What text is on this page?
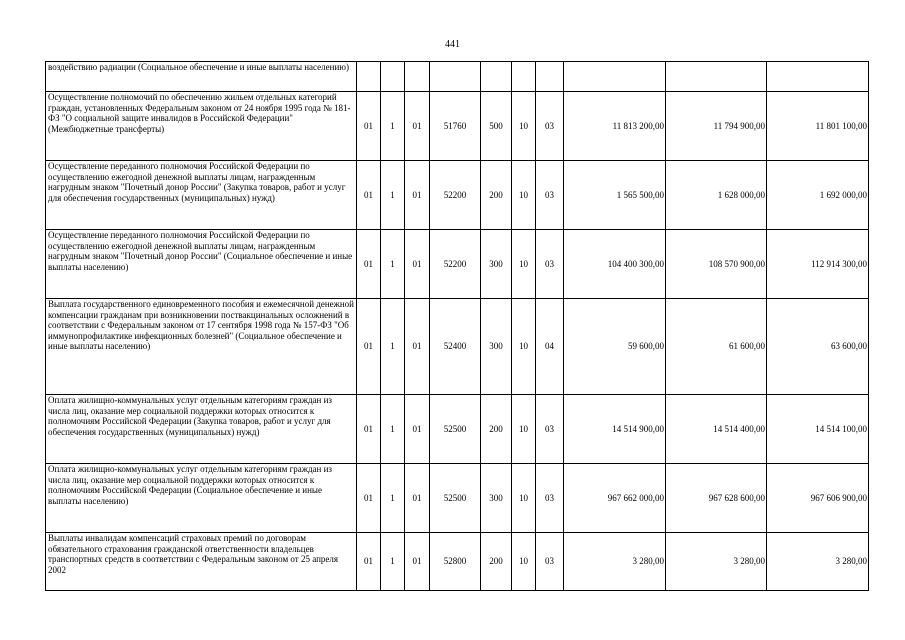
441
воздействию радиации (Социальное обеспечение и иные выплаты населению)										
Осуществление полномочий по обеспечению жильем отдельных категорий граждан, установленных Федеральным законом от 24 ноября 1995 года № 181-ФЗ "О социальной защите инвалидов в Российской Федерации" (Межбюджетные трансферты)	01	1	01	51760	500	10	03	11 813 200,00	11 794 900,00	11 801 100,00
Осуществление переданного полномочия Российской Федерации по осуществлению ежегодной денежной выплаты лицам, награжденным нагрудным знаком "Почетный донор России" (Закупка товаров, работ и услуг для обеспечения государственных (муниципальных) нужд)	01	1	01	52200	200	10	03	1 565 500,00	1 628 000,00	1 692 000,00
Осуществление переданного полномочия Российской Федерации по осуществлению ежегодной денежной выплаты лицам, награжденным нагрудным знаком "Почетный донор России" (Социальное обеспечение и иные выплаты населению)	01	1	01	52200	300	10	03	104 400 300,00	108 570 900,00	112 914 300,00
Выплата государственного единовременного пособия и ежемесячной денежной компенсации гражданам при возникновении поствакцинальных осложнений в соответствии с Федеральным законом от 17 сентября 1998 года № 157-ФЗ "Об иммунопрофилактике инфекционных болезней" (Социальное обеспечение и иные выплаты населению)	01	1	01	52400	300	10	04	59 600,00	61 600,00	63 600,00
Оплата жилищно-коммунальных услуг отдельным категориям граждан из числа лиц, оказание мер социальной поддержки которых относится к полномочиям Российской Федерации (Закупка товаров, работ и услуг для обеспечения государственных (муниципальных) нужд)	01	1	01	52500	200	10	03	14 514 900,00	14 514 400,00	14 514 100,00
Оплата жилищно-коммунальных услуг отдельным категориям граждан из числа лиц, оказание мер социальной поддержки которых относится к полномочиям Российской Федерации (Социальное обеспечение и иные выплаты населению)	01	1	01	52500	300	10	03	967 662 000,00	967 628 600,00	967 606 900,00
Выплаты инвалидам компенсаций страховых премий по договорам обязательного страхования гражданской ответственности владельцев транспортных средств в соответствии с Федеральным законом от 25 апреля 2002	01	1	01	52800	200	10	03	3 280,00	3 280,00	3 280,00
